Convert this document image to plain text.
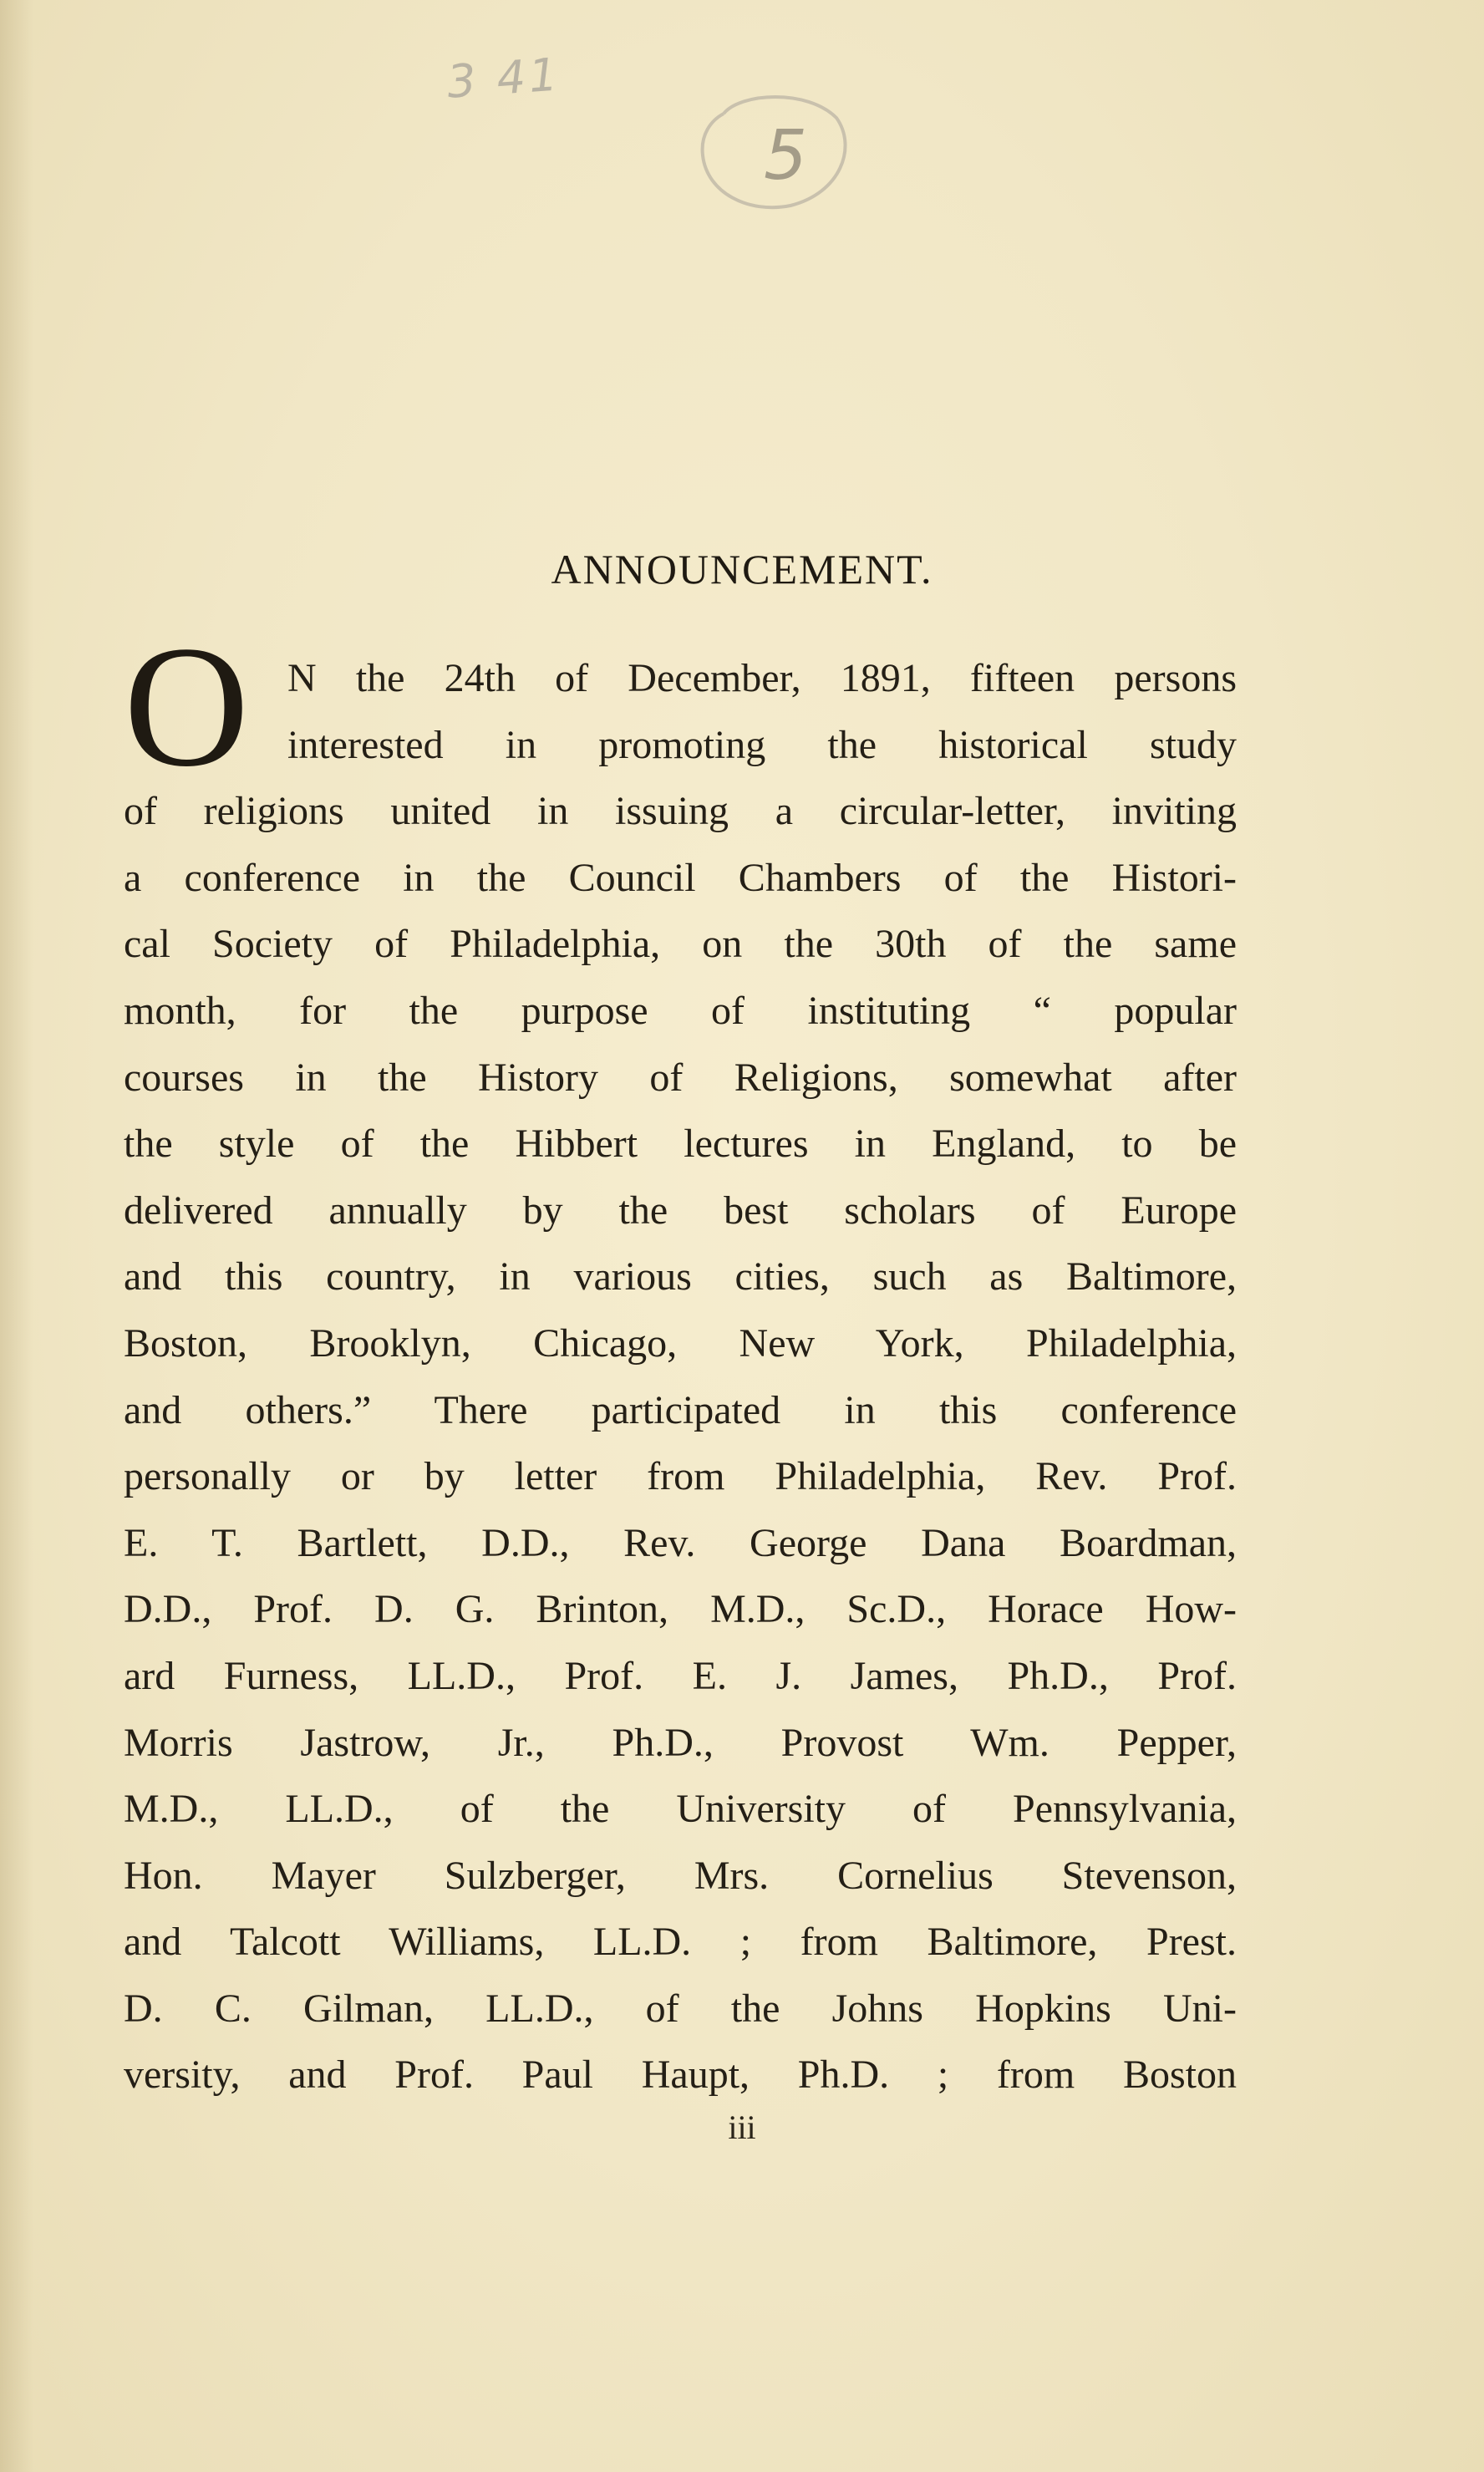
3 41
5
ANNOUNCEMENT.
O N the 24th of December, 1891, fifteen persons
interested in promoting the historical study
of religions united in issuing a circular-letter, inviting
a conference in the Council Chambers of the Histori-
cal Society of Philadelphia, on the 30th of the same
month, for the purpose of instituting “ popular
courses in the History of Religions, somewhat after
the style of the Hibbert lectures in England, to be
delivered annually by the best scholars of Europe
and this country, in various cities, such as Baltimore,
Boston, Brooklyn, Chicago, New York, Philadelphia,
and others.” There participated in this conference
personally or by letter from Philadelphia, Rev. Prof.
E. T. Bartlett, D.D., Rev. George Dana Boardman,
D.D., Prof. D. G. Brinton, M.D., Sc.D., Horace How-
ard Furness, LL.D., Prof. E. J. James, Ph.D., Prof.
Morris Jastrow, Jr., Ph.D., Provost Wm. Pepper,
M.D., LL.D., of the University of Pennsylvania,
Hon. Mayer Sulzberger, Mrs. Cornelius Stevenson,
and Talcott Williams, LL.D. ; from Baltimore, Prest.
D. C. Gilman, LL.D., of the Johns Hopkins Uni-
versity, and Prof. Paul Haupt, Ph.D. ; from Boston
iii
